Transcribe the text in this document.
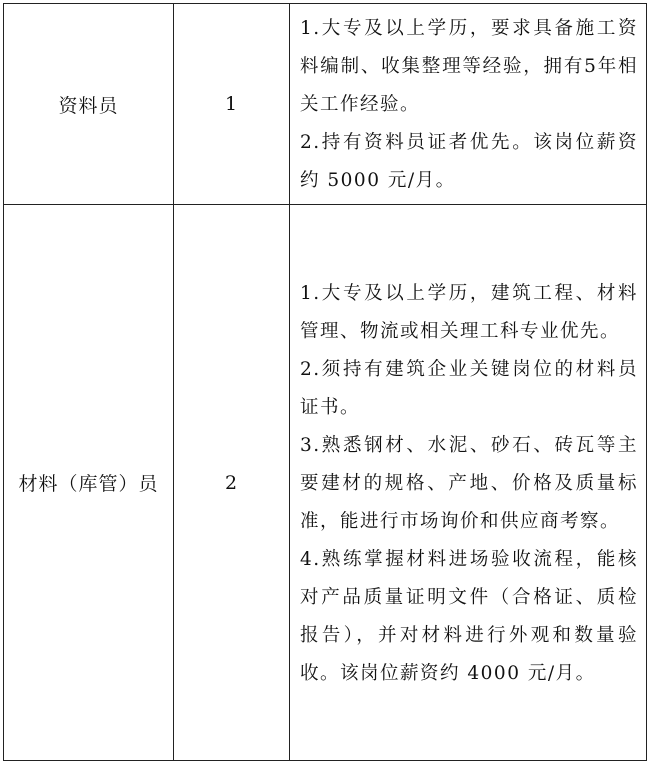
资料员	1	1.大专及以上学历，要求具备施工资料编制、收集整理等经验，拥有5年相关工作经验。

2.持有资料员证者优先。该岗位薪资约 5000 元/月。

材料（库管）员	2	1.大专及以上学历，建筑工程、材料管理、物流或相关理工科专业优先。

2.须持有建筑企业关键岗位的材料员证书。

3.熟悉钢材、水泥、砂石、砖瓦等主要建材的规格、产地、价格及质量标准，能进行市场询价和供应商考察。

4.熟练掌握材料进场验收流程，能核对产品质量证明文件（合格证、质检报告），并对材料进行外观和数量验收。该岗位薪资约 4000 元/月。
